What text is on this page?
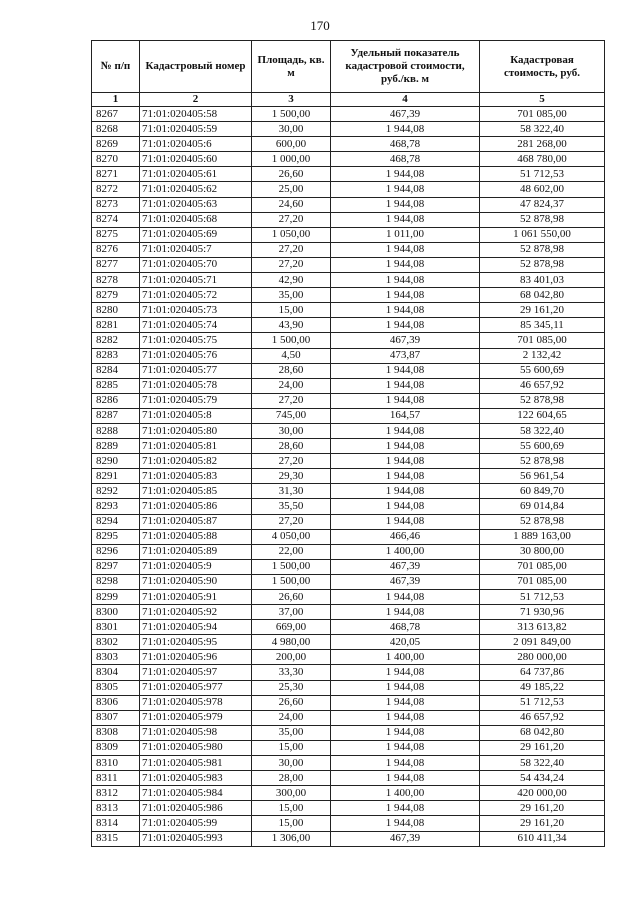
170
№ п/п	Кадастровый номер	Площадь, кв. м	Удельный показатель кадастровой стоимости, руб./кв. м	Кадастровая стоимость, руб.
1	2	3	4	5
8267	71:01:020405:58	1 500,00	467,39	701 085,00
8268	71:01:020405:59	30,00	1 944,08	58 322,40
8269	71:01:020405:6	600,00	468,78	281 268,00
8270	71:01:020405:60	1 000,00	468,78	468 780,00
8271	71:01:020405:61	26,60	1 944,08	51 712,53
8272	71:01:020405:62	25,00	1 944,08	48 602,00
8273	71:01:020405:63	24,60	1 944,08	47 824,37
8274	71:01:020405:68	27,20	1 944,08	52 878,98
8275	71:01:020405:69	1 050,00	1 011,00	1 061 550,00
8276	71:01:020405:7	27,20	1 944,08	52 878,98
8277	71:01:020405:70	27,20	1 944,08	52 878,98
8278	71:01:020405:71	42,90	1 944,08	83 401,03
8279	71:01:020405:72	35,00	1 944,08	68 042,80
8280	71:01:020405:73	15,00	1 944,08	29 161,20
8281	71:01:020405:74	43,90	1 944,08	85 345,11
8282	71:01:020405:75	1 500,00	467,39	701 085,00
8283	71:01:020405:76	4,50	473,87	2 132,42
8284	71:01:020405:77	28,60	1 944,08	55 600,69
8285	71:01:020405:78	24,00	1 944,08	46 657,92
8286	71:01:020405:79	27,20	1 944,08	52 878,98
8287	71:01:020405:8	745,00	164,57	122 604,65
8288	71:01:020405:80	30,00	1 944,08	58 322,40
8289	71:01:020405:81	28,60	1 944,08	55 600,69
8290	71:01:020405:82	27,20	1 944,08	52 878,98
8291	71:01:020405:83	29,30	1 944,08	56 961,54
8292	71:01:020405:85	31,30	1 944,08	60 849,70
8293	71:01:020405:86	35,50	1 944,08	69 014,84
8294	71:01:020405:87	27,20	1 944,08	52 878,98
8295	71:01:020405:88	4 050,00	466,46	1 889 163,00
8296	71:01:020405:89	22,00	1 400,00	30 800,00
8297	71:01:020405:9	1 500,00	467,39	701 085,00
8298	71:01:020405:90	1 500,00	467,39	701 085,00
8299	71:01:020405:91	26,60	1 944,08	51 712,53
8300	71:01:020405:92	37,00	1 944,08	71 930,96
8301	71:01:020405:94	669,00	468,78	313 613,82
8302	71:01:020405:95	4 980,00	420,05	2 091 849,00
8303	71:01:020405:96	200,00	1 400,00	280 000,00
8304	71:01:020405:97	33,30	1 944,08	64 737,86
8305	71:01:020405:977	25,30	1 944,08	49 185,22
8306	71:01:020405:978	26,60	1 944,08	51 712,53
8307	71:01:020405:979	24,00	1 944,08	46 657,92
8308	71:01:020405:98	35,00	1 944,08	68 042,80
8309	71:01:020405:980	15,00	1 944,08	29 161,20
8310	71:01:020405:981	30,00	1 944,08	58 322,40
8311	71:01:020405:983	28,00	1 944,08	54 434,24
8312	71:01:020405:984	300,00	1 400,00	420 000,00
8313	71:01:020405:986	15,00	1 944,08	29 161,20
8314	71:01:020405:99	15,00	1 944,08	29 161,20
8315	71:01:020405:993	1 306,00	467,39	610 411,34
